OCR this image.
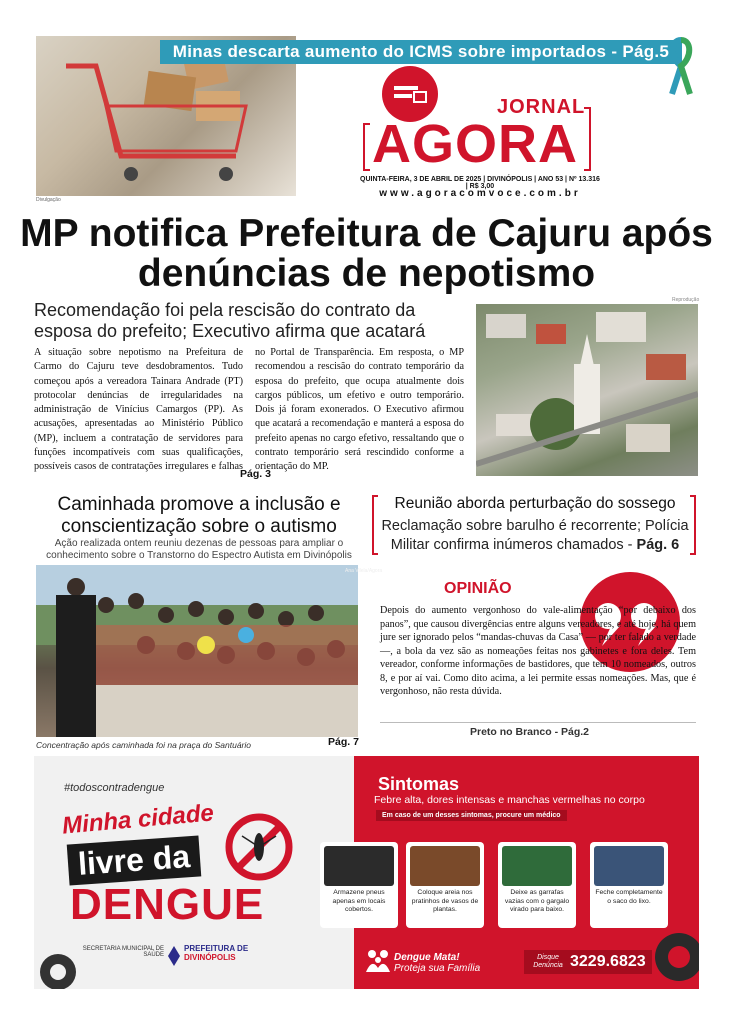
Divulgação
Minas descarta aumento do ICMS sobre importados - Pág.5
JORNAL
AGORA
QUINTA-FEIRA, 3 DE ABRIL DE 2025 | DIVINÓPOLIS | ANO 53 | Nº 13.316 | R$ 3,00
www.agoracomvoce.com.br
MP notifica Prefeitura de Cajuru após denúncias de nepotismo
Recomendação foi pela rescisão do contrato da esposa do prefeito; Executivo afirma que acatará
A situação sobre nepotismo na Prefeitura de Carmo do Cajuru teve desdobramentos. Tudo começou após a vereadora Tainara Andrade (PT) protocolar denúncias de irregularidades na administração de Vinícius Camargos (PP). As acusações, apresentadas ao Ministério Público (MP), incluem a contratação de servidores para funções incompatíveis com suas qualificações, possíveis casos de contratações irregulares e falhas no Portal de Transparência. Em resposta, o MP recomendou a rescisão do contrato temporário da esposa do prefeito, que ocupa atualmente dois cargos públicos, um efetivo e outro temporário. Dois já foram exonerados. O Executivo afirmou que acatará a recomendação e manterá a esposa do prefeito apenas no cargo efetivo, ressaltando que o contrato temporário será rescindido conforme a orientação do MP.
Pág. 3
Reprodução
Caminhada promove a inclusão e conscientização sobre o autismo
Ação realizada ontem reuniu dezenas de pessoas para ampliar o conhecimento sobre o Transtorno do Espectro Autista em Divinópolis
Ana Vilela/Agora
Concentração após caminhada foi na praça do Santuário	Pág. 7
Reunião aborda perturbação do sossego
Reclamação sobre barulho é recorrente; Polícia Militar confirma inúmeros chamados - Pág. 6
OPINIÃO
Depois do aumento vergonhoso do vale-alimentação “por debaixo dos panos”, que causou divergências entre alguns vereadores, e até hoje, há quem jure ser ignorado pelos “mandas-chuvas da Casa” — por ter falado a verdade —, a bola da vez são as nomeações feitas nos gabinetes e fora deles. Tem vereador, conforme informações de bastidores, que tem 10 nomeados, outros 8, e por aí vai. Como dito acima, a lei permite essas nomeações. Mas, que é vergonhoso, não resta dúvida.
Preto no Branco - Pág.2
#todoscontradengue
Minha cidade
livre da
DENGUE
SECRETARIA MUNICIPAL DE SAÚDE
PREFEITURA DE
DIVINÓPOLIS
Sintomas
Febre alta, dores intensas e manchas vermelhas no corpo
Em caso de um desses sintomas, procure um médico
Armazene pneus apenas em locais cobertos.
Coloque areia nos pratinhos de vasos de plantas.
Deixe as garrafas vazias com o gargalo virado para baixo.
Feche completamente o saco do lixo.
Dengue Mata!
Proteja sua Família
Disque Denúncia 3229.6823
